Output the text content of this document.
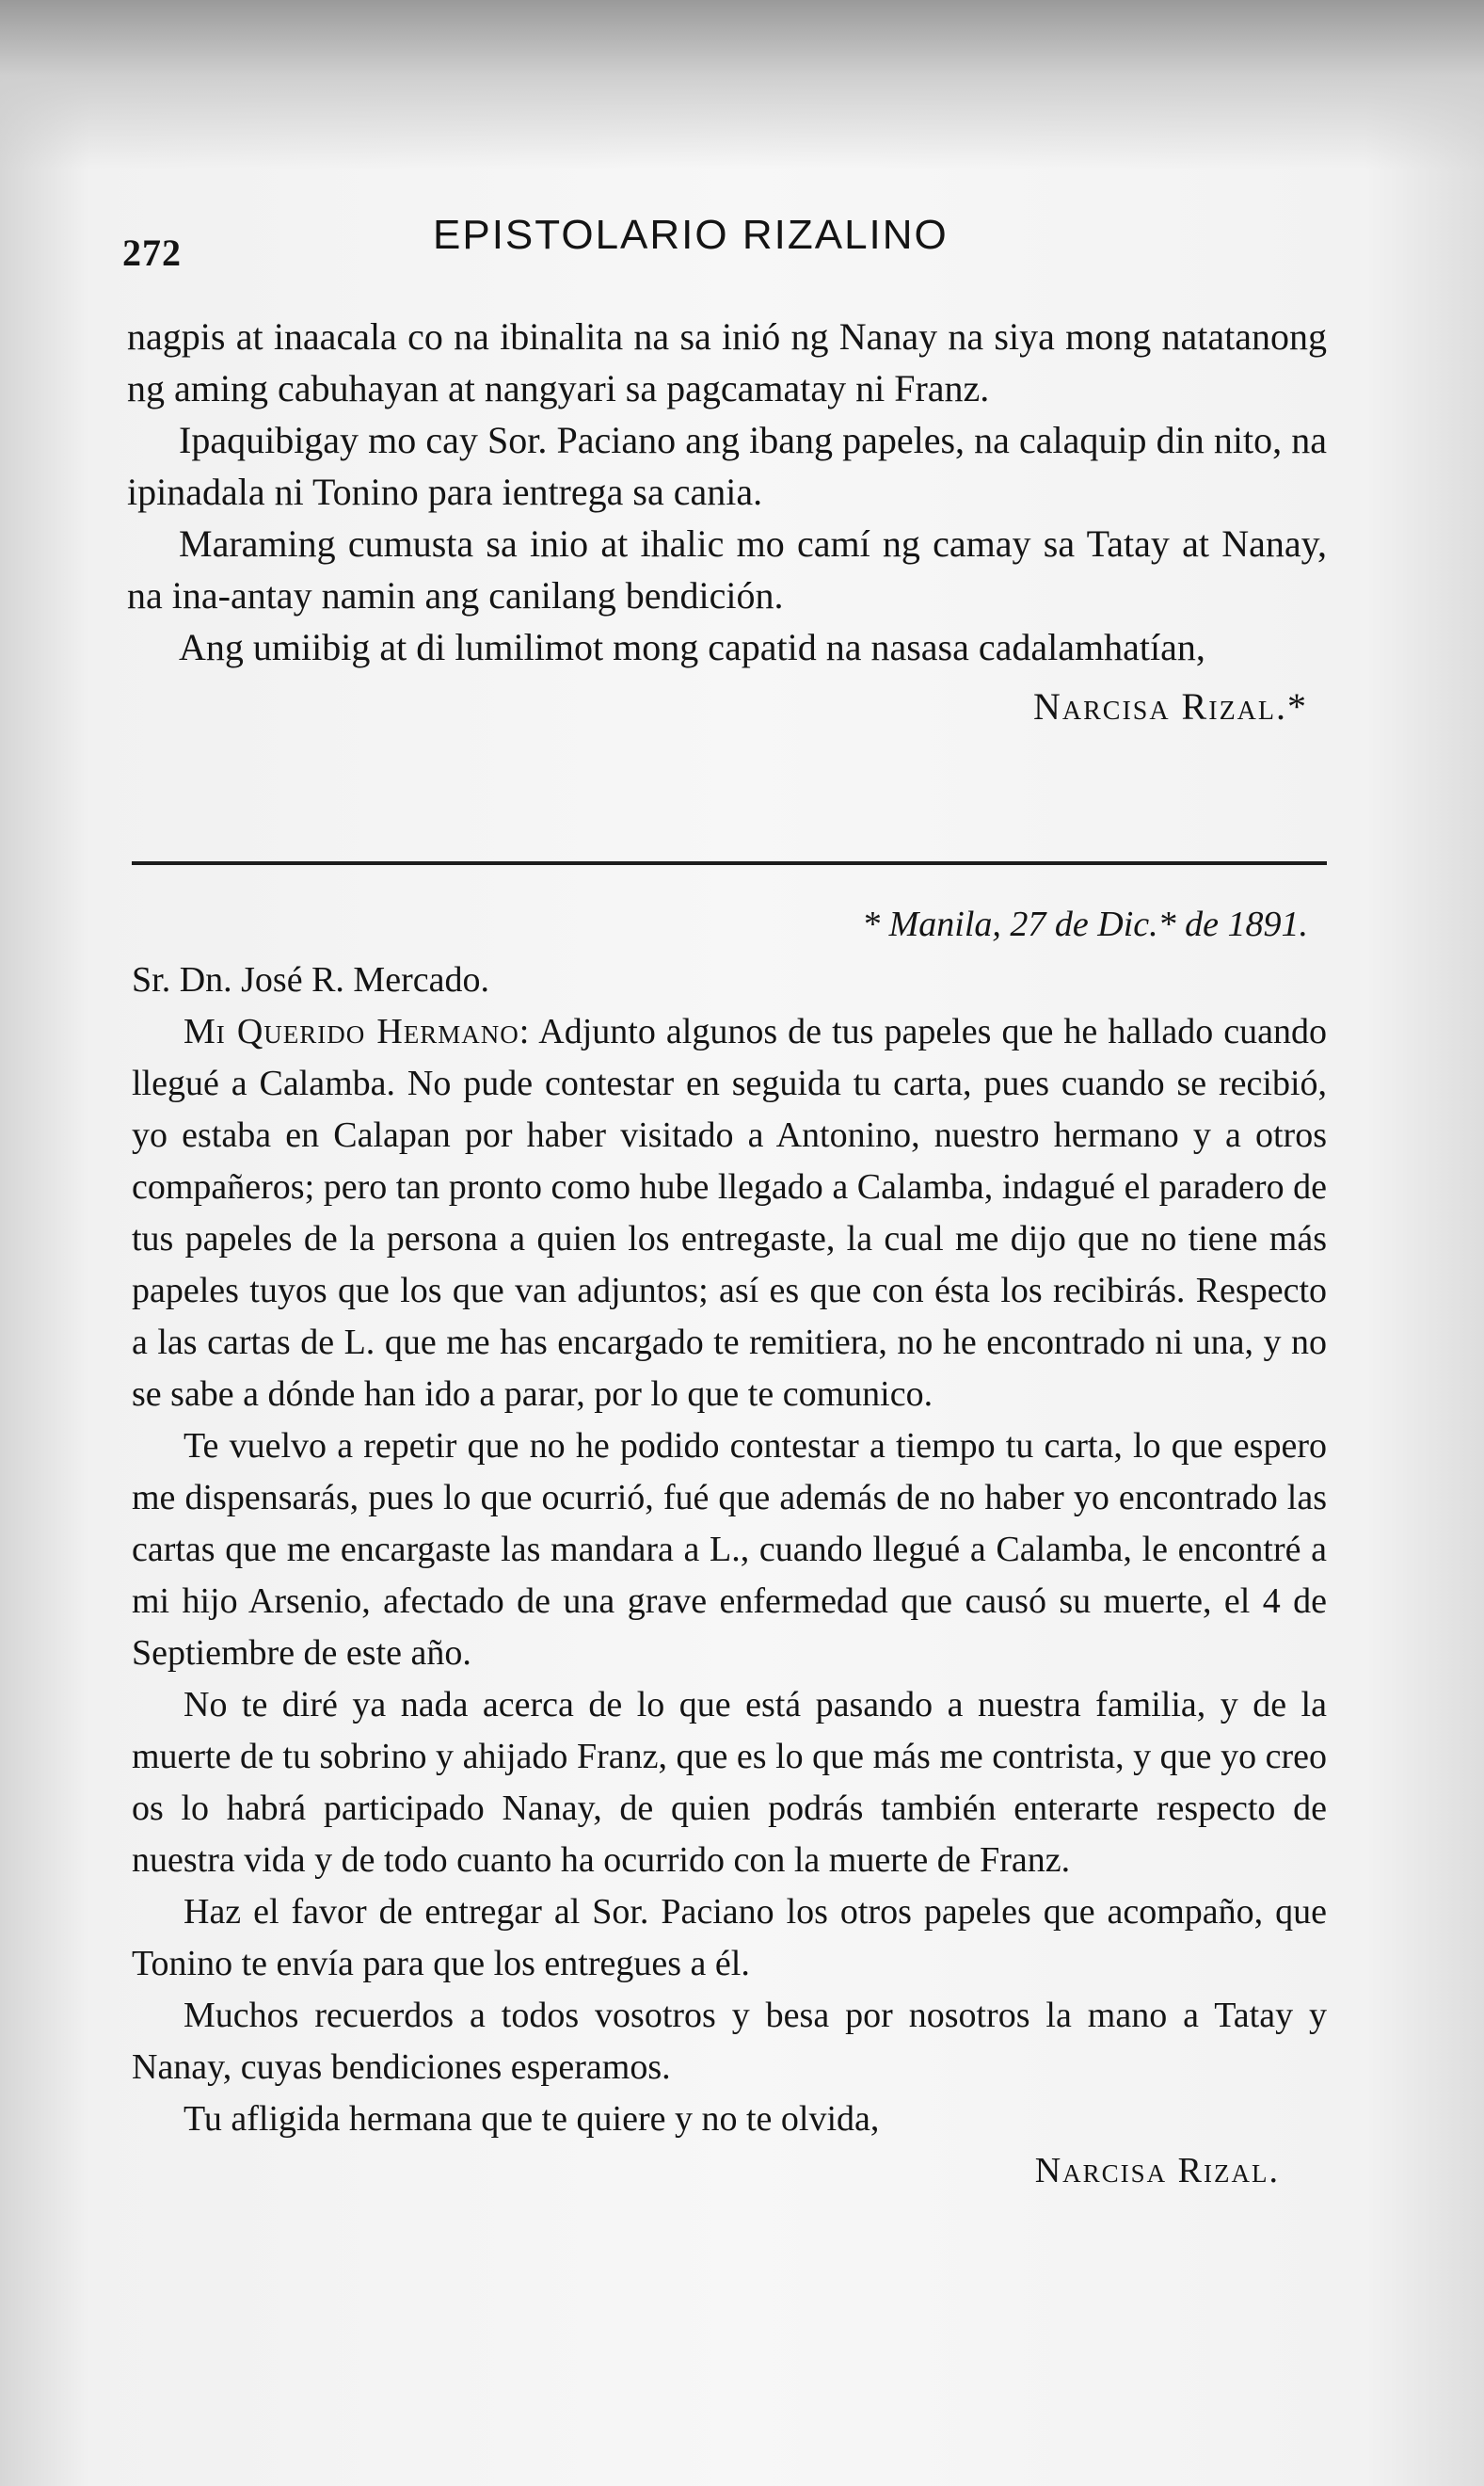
272	EPISTOLARIO RIZALINO

nagpis at inaacala co na ibinalita na sa inió ng Nanay na siya mong natatanong ng aming cabuhayan at nangyari sa pagcamatay ni Franz.

Ipaquibigay mo cay Sor. Paciano ang ibang papeles, na calaquip din nito, na ipinadala ni Tonino para ientrega sa cania.

Maraming cumusta sa inio at ihalic mo camí ng camay sa Tatay at Nanay, na ina-antay namin ang canilang bendición.

Ang umiibig at di lumilimot mong capatid na nasasa cadalamhatían,

Narcisa Rizal.*

* Manila, 27 de Dic.* de 1891.

Sr. Dn. José R. Mercado.

Mi Querido Hermano: Adjunto algunos de tus papeles que he hallado cuando llegué a Calamba. No pude contestar en seguida tu carta, pues cuando se recibió, yo estaba en Calapan por haber visitado a Antonino, nuestro hermano y a otros compañeros; pero tan pronto como hube llegado a Calamba, indagué el paradero de tus papeles de la persona a quien los entregaste, la cual me dijo que no tiene más papeles tuyos que los que van adjuntos; así es que con ésta los recibirás. Respecto a las cartas de L. que me has encargado te remitiera, no he encontrado ni una, y no se sabe a dónde han ido a parar, por lo que te comunico.

Te vuelvo a repetir que no he podido contestar a tiempo tu carta, lo que espero me dispensarás, pues lo que ocurrió, fué que además de no haber yo encontrado las cartas que me encargaste las mandara a L., cuando llegué a Calamba, le encontré a mi hijo Arsenio, afectado de una grave enfermedad que causó su muerte, el 4 de Septiembre de este año.

No te diré ya nada acerca de lo que está pasando a nuestra familia, y de la muerte de tu sobrino y ahijado Franz, que es lo que más me contrista, y que yo creo os lo habrá participado Nanay, de quien podrás también enterarte respecto de nuestra vida y de todo cuanto ha ocurrido con la muerte de Franz.

Haz el favor de entregar al Sor. Paciano los otros papeles que acompaño, que Tonino te envía para que los entregues a él.

Muchos recuerdos a todos vosotros y besa por nosotros la mano a Tatay y Nanay, cuyas bendiciones esperamos.

Tu afligida hermana que te quiere y no te olvida,

Narcisa Rizal.
